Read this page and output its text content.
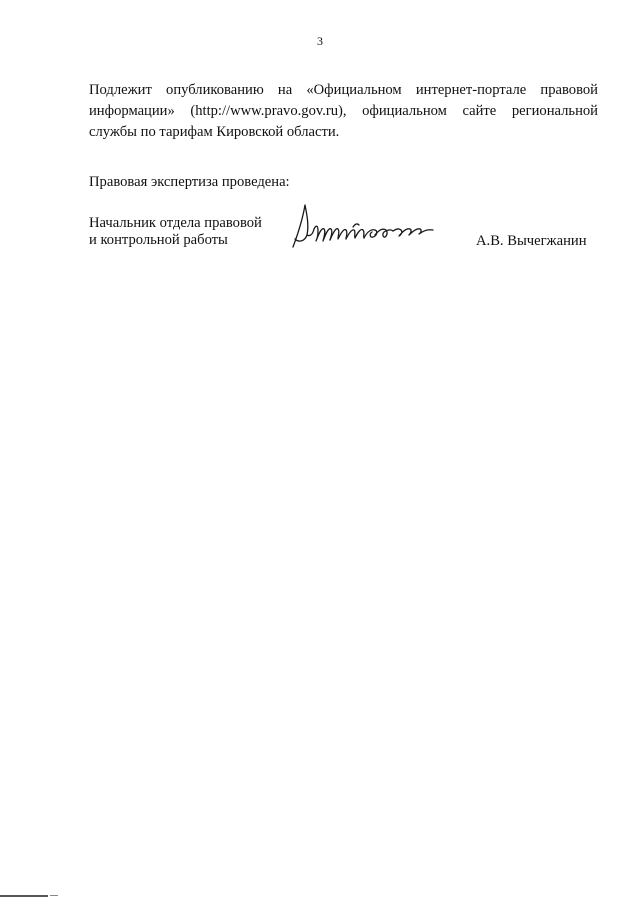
3

Подлежит опубликованию на «Официальном интернет-портале правовой информации» (http://www.pravo.gov.ru), официальном сайте региональной службы по тарифам Кировской области.

Правовая экспертиза проведена:

Начальник отдела правовой
и контрольной работы	А.В. Вычегжанин
